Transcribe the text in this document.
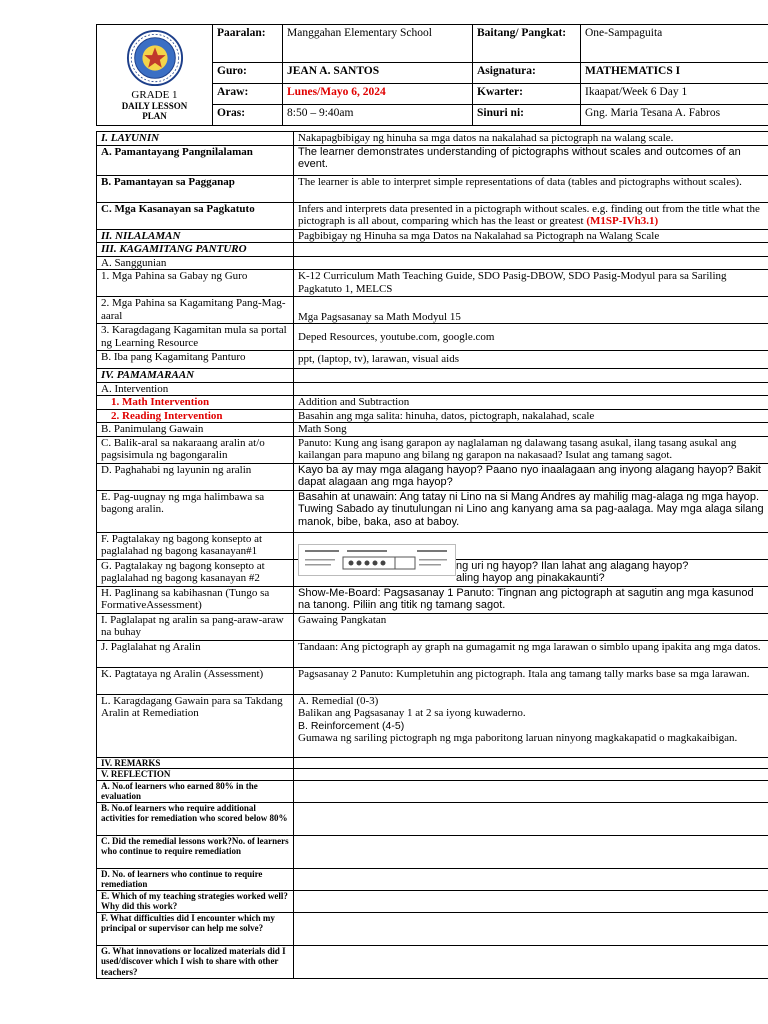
GRADE 1
DAILY LESSON
PLAN	Paaralan:	Manggahan Elementary School	Baitang/ Pangkat:	One-Sampaguita
	Guro:	JEAN A. SANTOS	Asignatura:	MATHEMATICS I
	Araw:	Lunes/Mayo 6, 2024	Kwarter:	Ikaapat/Week 6 Day 1
	Oras:	8:50 – 9:40am	Sinuri ni:	Gng. Maria Tesana A. Fabros
I. LAYUNIN	Nakapagbibigay ng hinuha sa mga datos na nakalahad sa pictograph na walang scale.
A. Pamantayang Pangnilalaman	The learner demonstrates understanding of pictographs without scales and outcomes of an event.
B. Pamantayan sa Pagganap	The learner is able to interpret simple representations of data (tables and pictographs without scales).
C. Mga Kasanayan sa Pagkatuto	Infers and interprets data presented in a pictograph without scales. e.g. finding out from the title what the pictograph is all about, comparing which has the least or greatest (M1SP-IVh3.1)
II. NILALAMAN	Pagbibigay ng Hinuha sa mga Datos na Nakalahad sa Pictograph na Walang Scale
III. KAGAMITANG PANTURO	
A. Sanggunian	
1. Mga Pahina sa Gabay ng Guro	K-12 Curriculum Math Teaching Guide, SDO Pasig-DBOW, SDO Pasig-Modyul para sa Sariling Pagkatuto 1, MELCS
2. Mga Pahina sa Kagamitang Pang-Mag-aaral	Mga Pagsasanay sa Math Modyul 15
3. Karagdagang Kagamitan mula sa portal ng Learning Resource	Deped Resources, youtube.com, google.com
B. Iba pang Kagamitang Panturo	ppt, (laptop, tv), larawan, visual aids
IV. PAMAMARAAN	
A. Intervention	
1. Math Intervention	Addition and Subtraction
2. Reading Intervention	Basahin ang mga salita: hinuha, datos, pictograph, nakalahad, scale
B. Panimulang Gawain	Math Song
C. Balik-aral sa nakaraang aralin at/o pagsisimula ng bagongaralin	Panuto: Kung ang isang garapon ay naglalaman ng dalawang tasang asukal, ilang tasang asukal ang kailangan para mapuno ang bilang ng garapon na nakasaad? Isulat ang tamang sagot.
D. Paghahabi ng layunin ng aralin	Kayo ba ay may mga alagang hayop? Paano nyo inaalagaan ang inyong alagang hayop? Bakit dapat alagaan ang mga hayop?
E. Pag-uugnay ng mga halimbawa sa bagong aralin.	Basahin at unawain: Ang tatay ni Lino na si Mang Andres ay mahilig mag-alaga ng mga hayop. Tuwing Sabado ay tinutulungan ni Lino ang kanyang ama sa pag-aalaga. May mga alaga silang manok, bibe, baka, aso at baboy.
F. Pagtalakay ng bagong konsepto at paglalahad ng bagong kasanayan#1	
G. Pagtalakay ng bagong konsepto at paglalahad ng bagong kasanayan #2	ng uri ng hayop? Ilan lahat ang alagang hayop?
aling hayop ang pinakakaunti?

H. Paglinang sa kabihasnan (Tungo sa FormativeAssessment)	Show-Me-Board: Pagsasanay 1 Panuto: Tingnan ang pictograph at sagutin ang mga kasunod na tanong. Piliin ang titik ng tamang sagot.
I. Paglalapat ng aralin sa pang-araw-araw na buhay	Gawaing Pangkatan
J. Paglalahat ng Aralin	Tandaan: Ang pictograph ay graph na gumagamit ng mga larawan o simblo upang ipakita ang mga datos.
K. Pagtataya ng Aralin (Assessment)	Pagsasanay 2 Panuto: Kumpletuhin ang pictograph. Itala ang tamang tally marks base sa mga larawan.
L. Karagdagang Gawain para sa Takdang Aralin at Remediation	A. Remedial (0-3)
Balikan ang Pagsasanay 1 at 2 sa iyong kuwaderno.
B. Reinforcement (4-5)
Gumawa ng sariling pictograph ng mga paboritong laruan ninyong magkakapatid o magkakaibigan.

IV. REMARKS	
V. REFLECTION	
A. No.of learners who earned 80% in the evaluation	
B. No.of learners who require additional activities for remediation who scored below 80%	
C. Did the remedial lessons work?No. of learners who continue to require remediation	
D. No. of learners who continue to require remediation	
E. Which of my teaching strategies worked well? Why did this work?	
F. What difficulties did I encounter which my principal or supervisor can help me solve?	
G. What innovations or localized materials did I used/discover which I wish to share with other teachers?	
